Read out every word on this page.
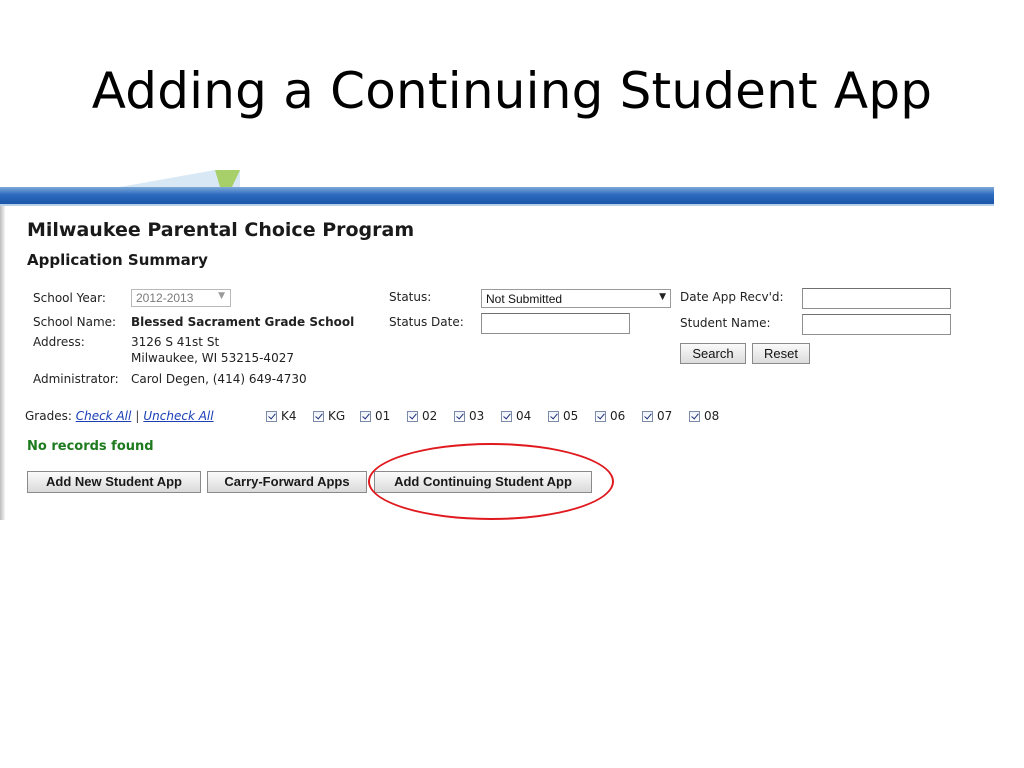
Adding a Continuing Student App
Milwaukee Parental Choice Program
Application Summary
School Year:	2012-2013	▼
School Name: Blessed Sacrament Grade School
Address:	3126 S 41st St
Milwaukee, WI 53215-4027
Administrator: Carol Degen, (414) 649-4730
Status:	Not Submitted	▼
Status Date:
Date App Recv'd:
Student Name:
Search	Reset
Grades: Check All | Uncheck All	K4	KG 01	02	03	04	05	06	07	08
No records found
Add New Student App	Carry-Forward Apps	Add Continuing Student App
